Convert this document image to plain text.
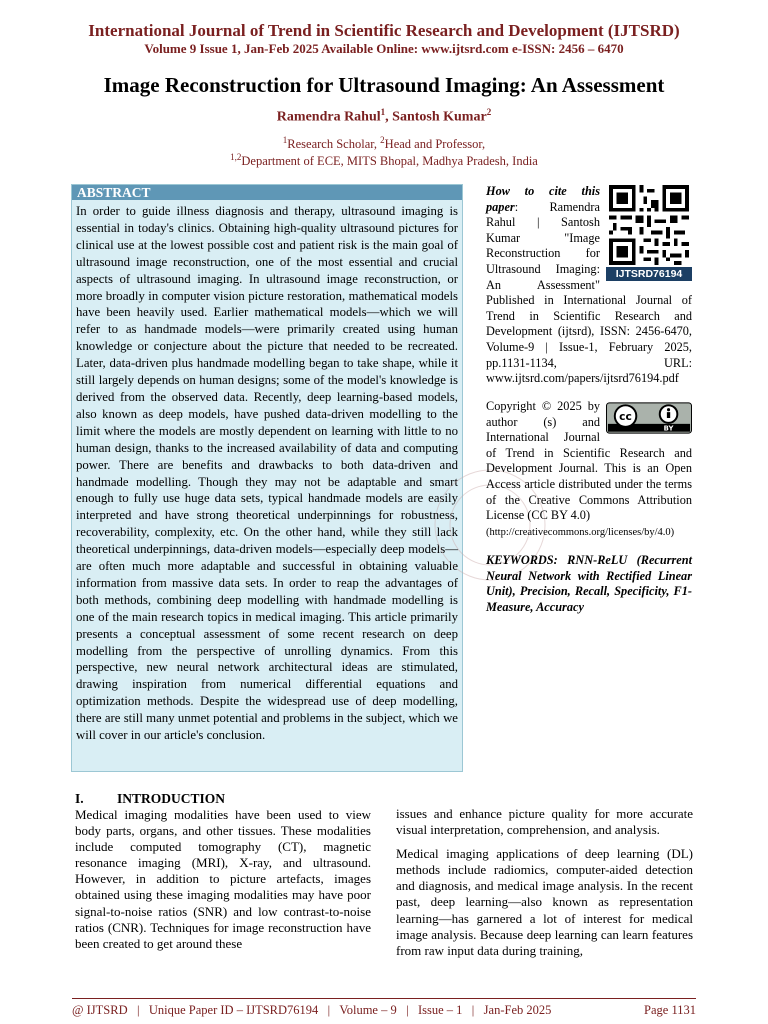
International Journal of Trend in Scientific Research and Development (IJTSRD)
Volume 9 Issue 1, Jan-Feb 2025 Available Online: www.ijtsrd.com e-ISSN: 2456 – 6470
Image Reconstruction for Ultrasound Imaging: An Assessment
Ramendra Rahul$^1$, Santosh Kumar$^2$
$^1$Research Scholar, $^2$Head and Professor,
$^{1,2}$Department of ECE, MITS Bhopal, Madhya Pradesh, India
ABSTRACT
In order to guide illness diagnosis and therapy, ultrasound imaging is essential in today's clinics. Obtaining high-quality ultrasound pictures for clinical use at the lowest possible cost and patient risk is the main goal of ultrasound image reconstruction, one of the most essential and crucial aspects of ultrasound imaging. In ultrasound image reconstruction, or more broadly in computer vision picture restoration, mathematical models have been heavily used. Earlier mathematical models—which we will refer to as handmade models—were primarily created using human knowledge or conjecture about the picture that needed to be recreated. Later, data-driven plus handmade modelling began to take shape, while it still largely depends on human designs; some of the model's knowledge is derived from the observed data. Recently, deep learning-based models, also known as deep models, have pushed data-driven modelling to the limit where the models are mostly dependent on learning with little to no human design, thanks to the increased availability of data and computing power. There are benefits and drawbacks to both data-driven and handmade modelling. Though they may not be adaptable and smart enough to fully use huge data sets, typical handmade models are easily interpreted and have strong theoretical underpinnings for robustness, recoverability, complexity, etc. On the other hand, while they still lack theoretical underpinnings, data-driven models—especially deep models—are often much more adaptable and successful in obtaining valuable information from massive data sets. In order to reap the advantages of both methods, combining deep modelling with handmade modelling is one of the main research topics in medical imaging. This article primarily presents a conceptual assessment of some recent research on deep modelling from the perspective of unrolling dynamics. From this perspective, new neural network architectural ideas are stimulated, drawing inspiration from numerical differential equations and optimization methods. Despite the widespread use of deep modelling, there are still many unmet potential and problems in the subject, which we will cover in our article's conclusion.
IJTSRD76194
How to cite this paper: Ramendra Rahul | Santosh Kumar "Image Reconstruction for Ultrasound Imaging: An Assessment" Published in International Journal of Trend in Scientific Research and Development (ijtsrd), ISSN: 2456-6470, Volume-9 | Issue-1, February 2025, pp.1131-1134, URL: www.ijtsrd.com/papers/ijtsrd76194.pdf
cc
BY
Copyright © 2025 by author (s) and International Journal of Trend in Scientific Research and Development Journal. This is an Open Access article distributed under the terms of the Creative Commons Attribution License (CC BY 4.0)
(http://creativecommons.org/licenses/by/4.0)
KEYWORDS: RNN-ReLU (Recurrent Neural Network with Rectified Linear Unit), Precision, Recall, Specificity, F1-Measure, Accuracy
I. INTRODUCTION

Medical imaging modalities have been used to view body parts, organs, and other tissues. These modalities include computed tomography (CT), magnetic resonance imaging (MRI), X-ray, and ultrasound. However, in addition to picture artefacts, images obtained using these imaging modalities may have poor signal-to-noise ratios (SNR) and low contrast-to-noise ratios (CNR). Techniques for image reconstruction have been created to get around these

issues and enhance picture quality for more accurate visual interpretation, comprehension, and analysis.

Medical imaging applications of deep learning (DL) methods include radiomics, computer-aided detection and diagnosis, and medical image analysis. In the recent past, deep learning—also known as representation learning—has garnered a lot of interest for medical image analysis. Because deep learning can learn features from raw input data during training,

@ IJTSRD   |   Unique Paper ID – IJTSRD76194   |   Volume – 9   |   Issue – 1   |   Jan-Feb 2025	Page 1131
